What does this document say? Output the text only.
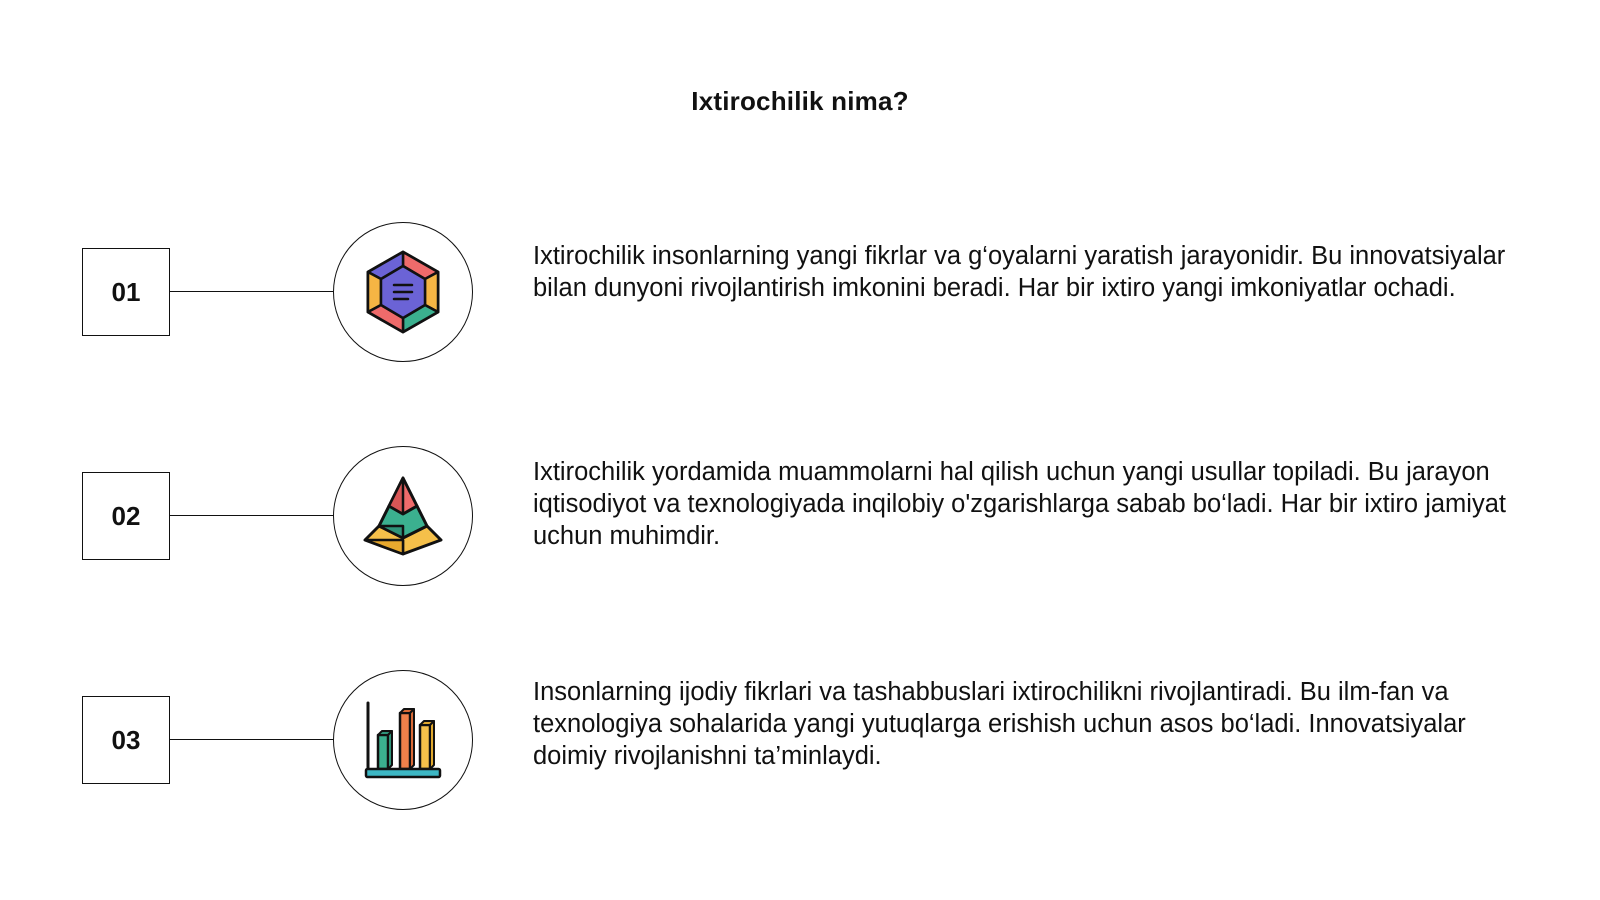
Ixtirochilik nima?
01

Ixtirochilik insonlarning yangi fikrlar va g‘oyalarni yaratish jarayonidir. Bu innovatsiyalar bilan dunyoni rivojlantirish imkonini beradi. Har bir ixtiro yangi imkoniyatlar ochadi.

02

Ixtirochilik yordamida muammolarni hal qilish uchun yangi usullar topiladi. Bu jarayon iqtisodiyot va texnologiyada inqilobiy o'zgarishlarga sabab bo‘ladi. Har bir ixtiro jamiyat uchun muhimdir.

03

Insonlarning ijodiy fikrlari va tashabbuslari ixtirochilikni rivojlantiradi. Bu ilm-fan va texnologiya sohalarida yangi yutuqlarga erishish uchun asos bo‘ladi. Innovatsiyalar doimiy rivojlanishni ta’minlaydi.
